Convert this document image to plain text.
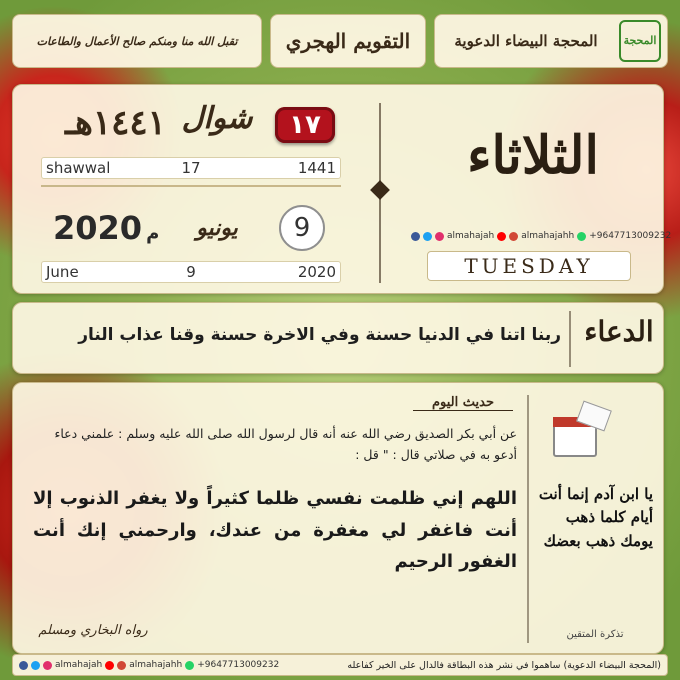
تقبل الله منا ومنكم صالح الأعمال والطاعات التقويم الهجري	المحجة البيضاء الدعوية	المحجة
١٤٤١هـ شوال	١٧
shawwal	17	1441
2020 م	يونيو	9
June	9	2020
الثلاثاء
almahajah	almahajahh +9647713009232
TUESDAY
ربنا اتنا في الدنيا حسنة وفي الاخرة حسنة وقنا عذاب النار الدعاء
يا ابن آدم إنما أنت أيام كلما ذهب يومك ذهب بعضك
تذكرة المتقين
حديث اليوم
عن أبي بكر الصديق رضي الله عنه أنه قال لرسول الله صلى الله عليه وسلم : علمني دعاء أدعو به في صلاتي قال : " قل :
اللهم إني ظلمت نفسي ظلما كثيراً ولا يغفر الذنوب إلا أنت فاغفر لي مغفرة من عندك، وارحمني إنك أنت الغفور الرحيم
رواه البخاري ومسلم
almahajah	almahajahh +9647713009232	(المحجة البيضاء الدعوية) ساهموا في نشر هذه البطاقة فالدال على الخير كفاعله
